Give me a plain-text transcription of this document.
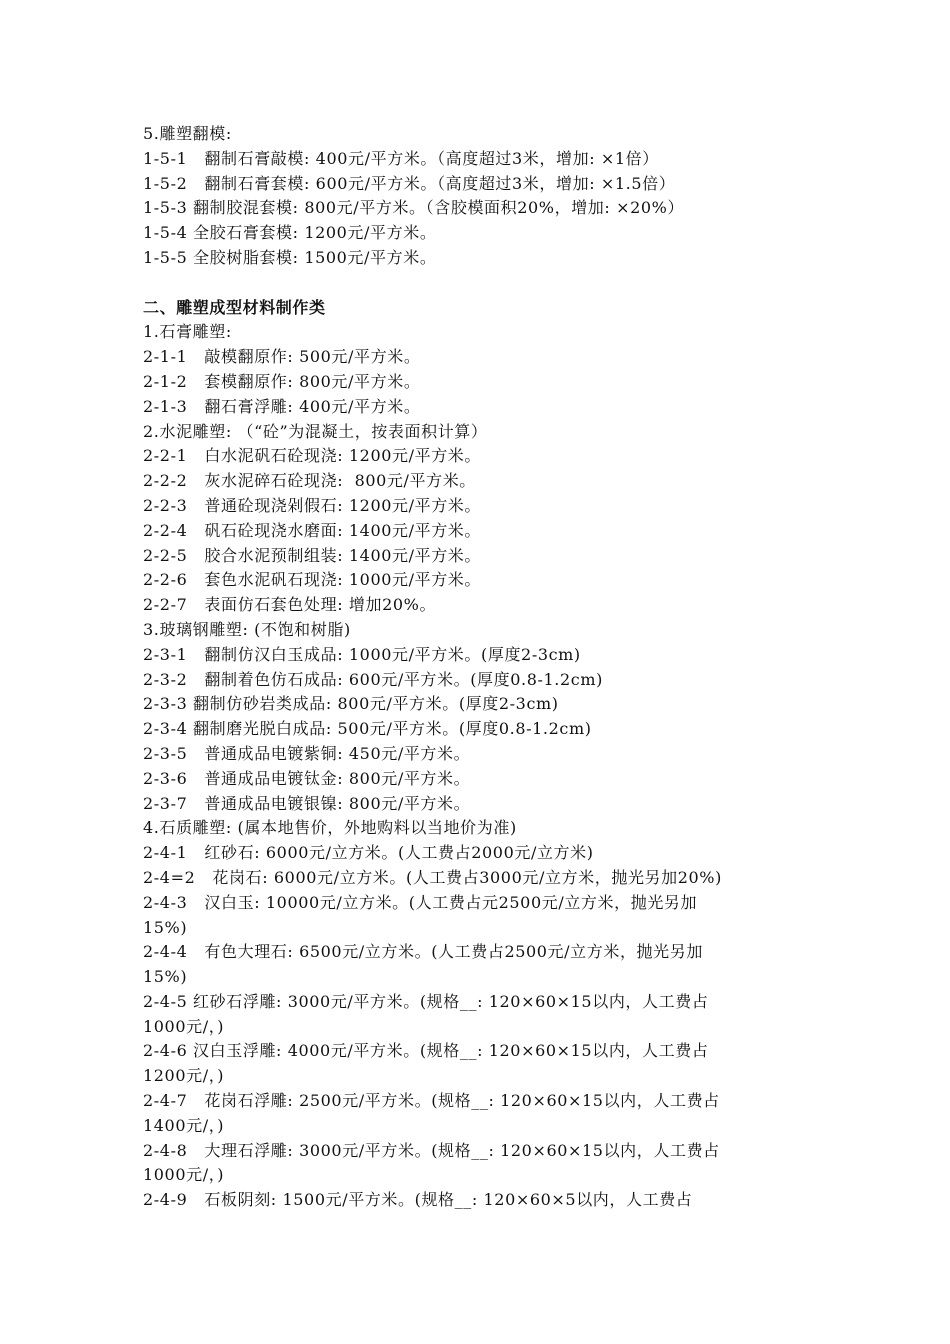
5.雕塑翻模:
1-5-1   翻制石膏敲模: 400元/平方米。（高度超过3米，增加: ×1倍）
1-5-2   翻制石膏套模: 600元/平方米。（高度超过3米，增加: ×1.5倍）
1-5-3 翻制胶混套模: 800元/平方米。（含胶模面积20%，增加: ×20%）
1-5-4 全胶石膏套模: 1200元/平方米。
1-5-5 全胶树脂套模: 1500元/平方米。
二、雕塑成型材料制作类
1.石膏雕塑:
2-1-1   敲模翻原作: 500元/平方米。
2-1-2   套模翻原作: 800元/平方米。
2-1-3   翻石膏浮雕: 400元/平方米。
2.水泥雕塑: （“砼”为混凝土，按表面积计算）
2-2-1   白水泥矾石砼现浇: 1200元/平方米。
2-2-2   灰水泥碎石砼现浇:  800元/平方米。
2-2-3   普通砼现浇剁假石: 1200元/平方米。
2-2-4   矾石砼现浇水磨面: 1400元/平方米。
2-2-5   胶合水泥预制组装: 1400元/平方米。
2-2-6   套色水泥矾石现浇: 1000元/平方米。
2-2-7   表面仿石套色处理: 增加20%。
3.玻璃钢雕塑: (不饱和树脂)
2-3-1   翻制仿汉白玉成品: 1000元/平方米。(厚度2-3cm)
2-3-2   翻制着色仿石成品: 600元/平方米。(厚度0.8-1.2cm)
2-3-3 翻制仿砂岩类成品: 800元/平方米。(厚度2-3cm)
2-3-4 翻制磨光脱白成品: 500元/平方米。(厚度0.8-1.2cm)
2-3-5   普通成品电镀紫铜: 450元/平方米。
2-3-6   普通成品电镀钛金: 800元/平方米。
2-3-7   普通成品电镀银镍: 800元/平方米。
4.石质雕塑: (属本地售价，外地购料以当地价为准)
2-4-1   红砂石: 6000元/立方米。(人工费占2000元/立方米)
2-4=2   花岗石: 6000元/立方米。(人工费占3000元/立方米，抛光另加20%)
2-4-3   汉白玉: 10000元/立方米。(人工费占元2500元/立方米，抛光另加
15%)
2-4-4   有色大理石: 6500元/立方米。(人工费占2500元/立方米，抛光另加
15%)
2-4-5 红砂石浮雕: 3000元/平方米。(规格__: 120×60×15以内，人工费占
1000元/，)
2-4-6 汉白玉浮雕: 4000元/平方米。(规格__: 120×60×15以内，人工费占
1200元/，)
2-4-7   花岗石浮雕: 2500元/平方米。(规格__: 120×60×15以内，人工费占
1400元/，)
2-4-8   大理石浮雕: 3000元/平方米。(规格__: 120×60×15以内，人工费占
1000元/，)
2-4-9   石板阴刻: 1500元/平方米。(规格__: 120×60×5以内，人工费占
